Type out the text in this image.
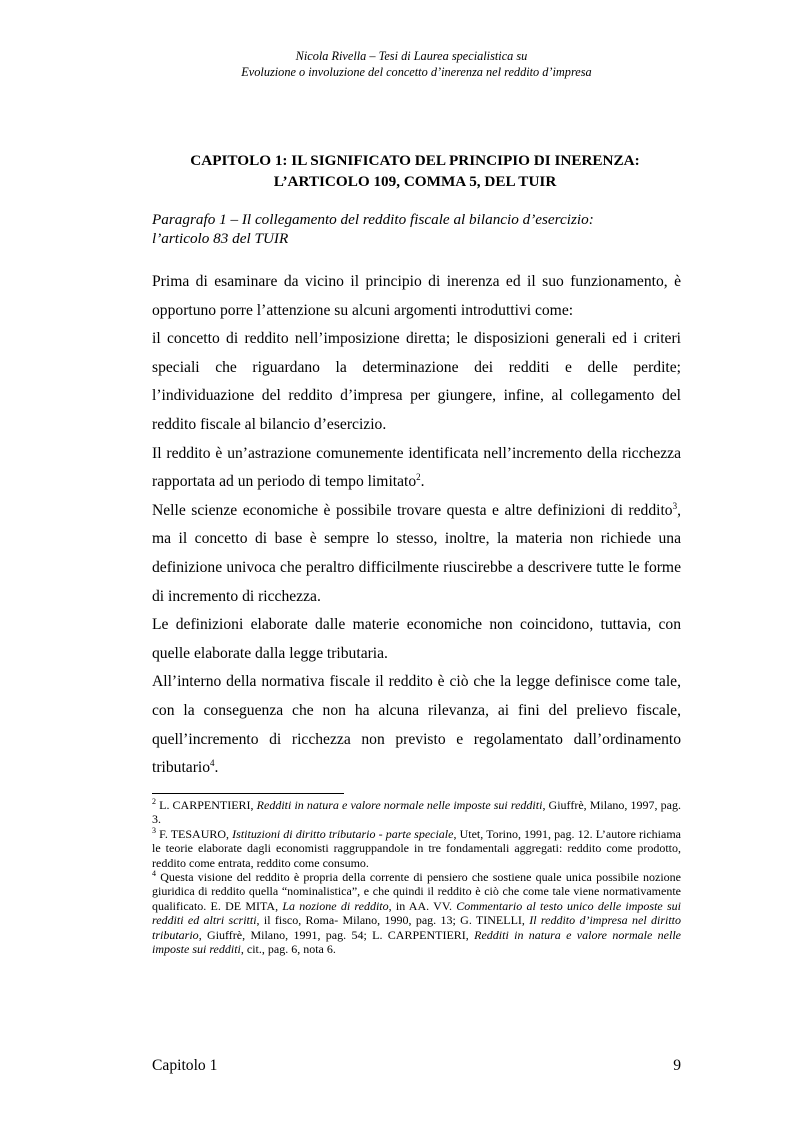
Nicola Rivella – Tesi di Laurea specialistica su
Evoluzione o involuzione del concetto d’inerenza nel reddito d’impresa
CAPITOLO 1: IL SIGNIFICATO DEL PRINCIPIO DI INERENZA:
L’ARTICOLO 109, COMMA 5, DEL TUIR
Paragrafo 1 – Il collegamento del reddito fiscale al bilancio d’esercizio:
l’articolo 83 del TUIR

Prima di esaminare da vicino il principio di inerenza ed il suo funzionamento, è opportuno porre l’attenzione su alcuni argomenti introduttivi come:

il concetto di reddito nell’imposizione diretta; le disposizioni generali ed i criteri speciali che riguardano la determinazione dei redditi e delle perdite; l’individuazione del reddito d’impresa per giungere, infine, al collegamento del reddito fiscale al bilancio d’esercizio.

Il reddito è un’astrazione comunemente identificata nell’incremento della ricchezza rapportata ad un periodo di tempo limitato$^2$.

Nelle scienze economiche è possibile trovare questa e altre definizioni di reddito$^3$, ma il concetto di base è sempre lo stesso, inoltre, la materia non richiede una definizione univoca che peraltro difficilmente riuscirebbe a descrivere tutte le forme di incremento di ricchezza.

Le definizioni elaborate dalle materie economiche non coincidono, tuttavia, con quelle elaborate dalla legge tributaria.

All’interno della normativa fiscale il reddito è ciò che la legge definisce come tale, con la conseguenza che non ha alcuna rilevanza, ai fini del prelievo fiscale, quell’incremento di ricchezza non previsto e regolamentato dall’ordinamento tributario$^4$.

$^2$ L. CARPENTIERI, Redditi in natura e valore normale nelle imposte sui redditi, Giuffrè, Milano, 1997, pag. 3.

$^3$ F. TESAURO, Istituzioni di diritto tributario - parte speciale, Utet, Torino, 1991, pag. 12. L’autore richiama le teorie elaborate dagli economisti raggruppandole in tre fondamentali aggregati: reddito come prodotto, reddito come entrata, reddito come consumo.

$^4$ Questa visione del reddito è propria della corrente di pensiero che sostiene quale unica possibile nozione giuridica di reddito quella “nominalistica”, e che quindi il reddito è ciò che come tale viene normativamente qualificato. E. DE MITA, La nozione di reddito, in AA. VV. Commentario al testo unico delle imposte sui redditi ed altri scritti, il fisco, Roma- Milano, 1990, pag. 13; G. TINELLI, Il reddito d’impresa nel diritto tributario, Giuffrè, Milano, 1991, pag. 54; L. CARPENTIERI, Redditi in natura e valore normale nelle imposte sui redditi, cit., pag. 6, nota 6.

Capitolo 1	9
